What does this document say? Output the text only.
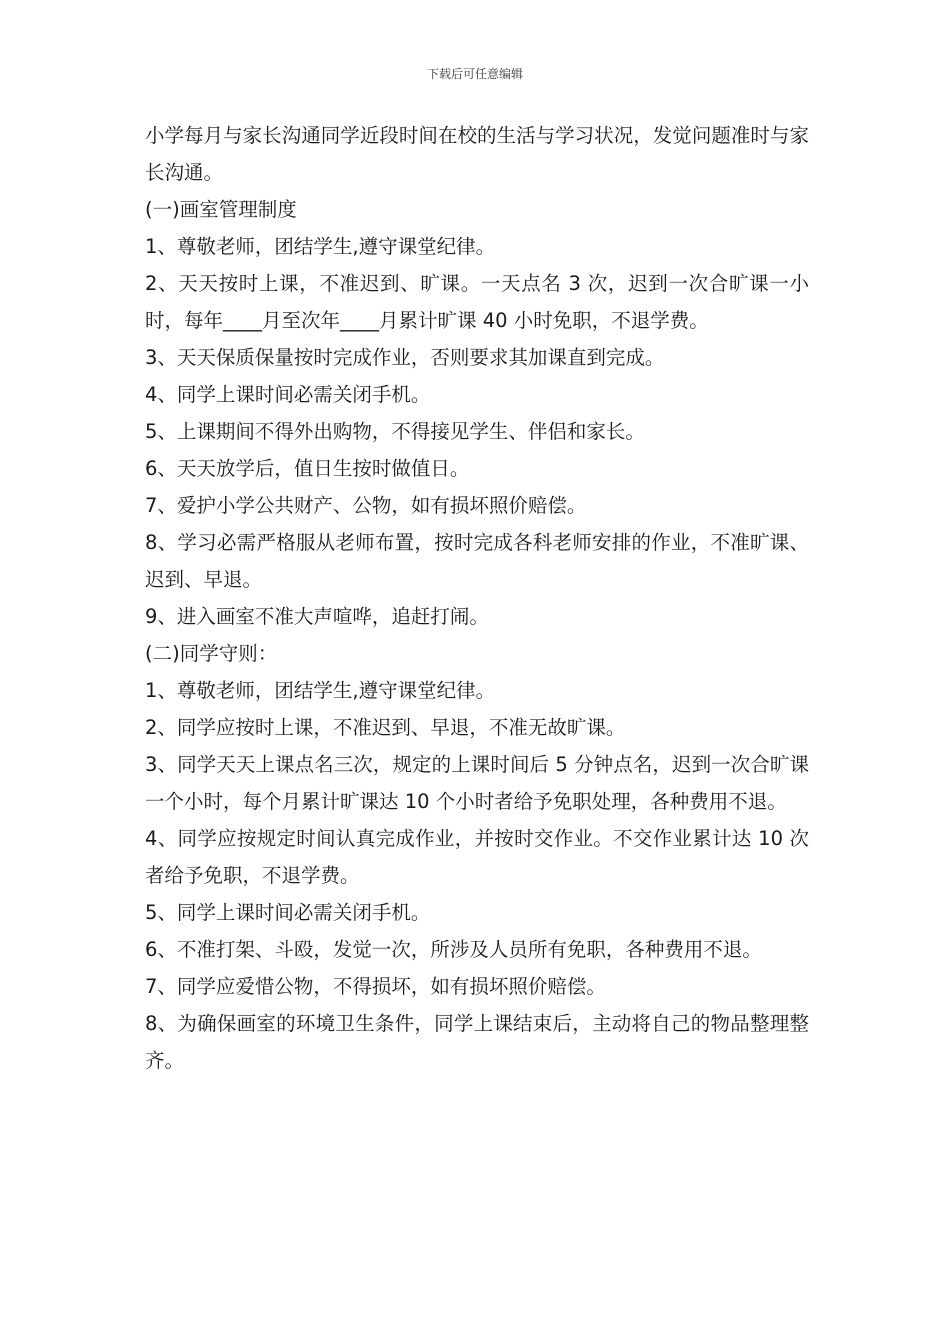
下载后可任意编辑

小学每月与家长沟通同学近段时间在校的生活与学习状况，发觉问题准时与家长沟通。

(一)画室管理制度

1、尊敬老师，团结学生,遵守课堂纪律。

2、天天按时上课，不准迟到、旷课。一天点名 3 次，迟到一次合旷课一小时，每年____月至次年____月累计旷课 40 小时免职，不退学费。

3、天天保质保量按时完成作业，否则要求其加课直到完成。

4、同学上课时间必需关闭手机。

5、上课期间不得外出购物，不得接见学生、伴侣和家长。

6、天天放学后，值日生按时做值日。

7、爱护小学公共财产、公物，如有损坏照价赔偿。

8、学习必需严格服从老师布置，按时完成各科老师安排的作业，不准旷课、迟到、早退。

9、进入画室不准大声喧哗，追赶打闹。

(二)同学守则：

1、尊敬老师，团结学生,遵守课堂纪律。

2、同学应按时上课，不准迟到、早退，不准无故旷课。

3、同学天天上课点名三次，规定的上课时间后 5 分钟点名，迟到一次合旷课一个小时，每个月累计旷课达 10 个小时者给予免职处理，各种费用不退。

4、同学应按规定时间认真完成作业，并按时交作业。不交作业累计达 10 次者给予免职，不退学费。

5、同学上课时间必需关闭手机。

6、不准打架、斗殴，发觉一次，所涉及人员所有免职，各种费用不退。

7、同学应爱惜公物，不得损坏，如有损坏照价赔偿。

8、为确保画室的环境卫生条件，同学上课结束后，主动将自己的物品整理整齐。
